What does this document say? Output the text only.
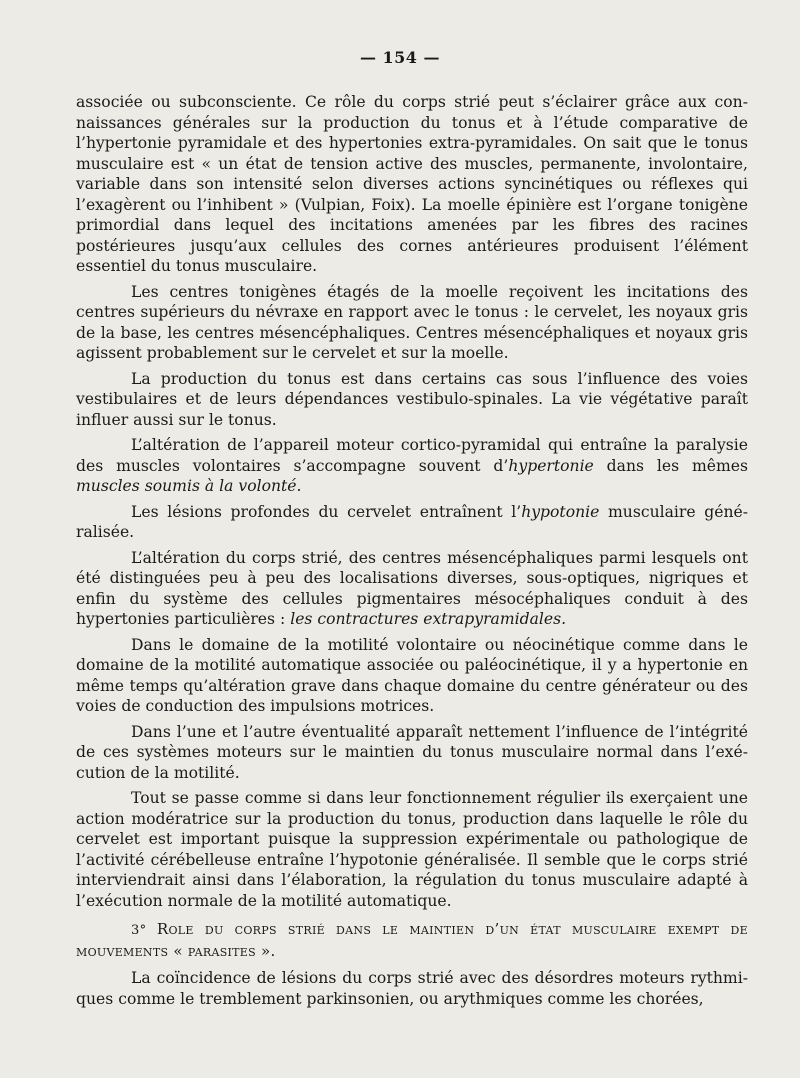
— 154 —

associée ou subconsciente. Ce rôle du corps strié peut s’éclairer grâce aux connaissances générales sur la production du tonus et à l’étude comparative de l’hypertonie pyramidale et des hypertonies extra-pyramidales. On sait que le tonus musculaire est « un état de tension active des muscles, permanente, involontaire, variable dans son intensité selon diverses actions syncinétiques ou réflexes qui l’exagèrent ou l’inhibent » (Vulpian, Foix). La moelle épinière est l’organe tonigène primordial dans lequel des incitations amenées par les fibres des racines postérieures jusqu’aux cellules des cornes antérieures produisent l’élément essentiel du tonus musculaire.

Les centres tonigènes étagés de la moelle reçoivent les incitations des centres supérieurs du névraxe en rapport avec le tonus : le cervelet, les noyaux gris de la base, les centres mésencéphaliques. Centres mésencéphaliques et noyaux gris agissent probablement sur le cervelet et sur la moelle.

La production du tonus est dans certains cas sous l’influence des voies vestibulaires et de leurs dépendances vestibulo-spinales. La vie végétative paraît influer aussi sur le tonus.

L’altération de l’appareil moteur cortico-pyramidal qui entraîne la paralysie des muscles volontaires s’accompagne souvent d’hypertonie dans les mêmes muscles soumis à la volonté.

Les lésions profondes du cervelet entraînent l’hypotonie musculaire généralisée.

L’altération du corps strié, des centres mésencéphaliques parmi lesquels ont été distinguées peu à peu des localisations diverses, sous-optiques, nigriques et enfin du système des cellules pigmentaires mésocéphaliques conduit à des hypertonies particulières : les contractures extrapyramidales.

Dans le domaine de la motilité volontaire ou néocinétique comme dans le domaine de la motilité automatique associée ou paléocinétique, il y a hypertonie en même temps qu’altération grave dans chaque domaine du centre générateur ou des voies de conduction des impulsions motrices.

Dans l’une et l’autre éventualité apparaît nettement l’influence de l’intégrité de ces systèmes moteurs sur le maintien du tonus musculaire normal dans l’exécution de la motilité.

Tout se passe comme si dans leur fonctionnement régulier ils exerçaient une action modératrice sur la production du tonus, production dans laquelle le rôle du cervelet est important puisque la suppression expérimentale ou pathologique de l’activité cérébelleuse entraîne l’hypotonie généralisée. Il semble que le corps strié interviendrait ainsi dans l’élaboration, la régulation du tonus musculaire adapté à l’exécution normale de la motilité automatique.

3° Role du corps strié dans le maintien d’un état musculaire exempt de mouvements « parasites ».

La coïncidence de lésions du corps strié avec des désordres moteurs rythmiques comme le tremblement parkinsonien, ou arythmiques comme les chorées,
